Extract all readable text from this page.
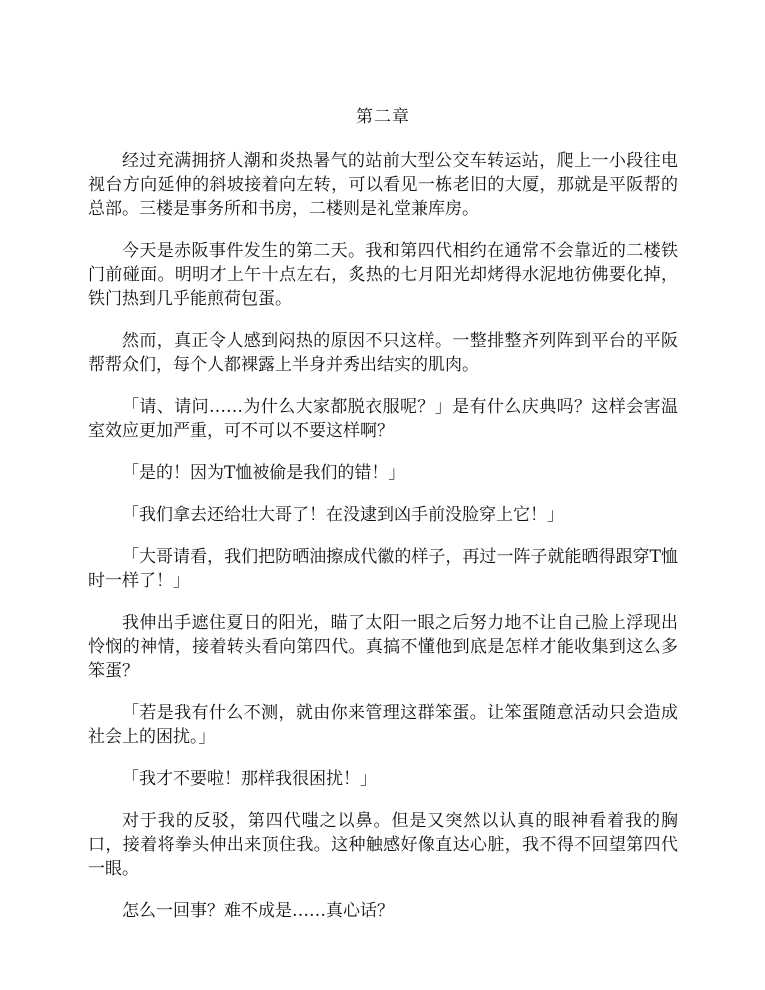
第二章

经过充满拥挤人潮和炎热暑气的站前大型公交车转运站，爬上一小段往电视台方向延伸的斜坡接着向左转，可以看见一栋老旧的大厦，那就是平阪帮的总部。三楼是事务所和书房，二楼则是礼堂兼库房。

今天是赤阪事件发生的第二天。我和第四代相约在通常不会靠近的二楼铁门前碰面。明明才上午十点左右，炙热的七月阳光却烤得水泥地彷佛要化掉，铁门热到几乎能煎荷包蛋。

然而，真正令人感到闷热的原因不只这样。一整排整齐列阵到平台的平阪帮帮众们，每个人都裸露上半身并秀出结实的肌肉。

「请、请问……为什么大家都脱衣服呢？」是有什么庆典吗？这样会害温室效应更加严重，可不可以不要这样啊？

「是的！因为T恤被偷是我们的错！」

「我们拿去还给壮大哥了！在没逮到凶手前没脸穿上它！」

「大哥请看，我们把防晒油擦成代徽的样子，再过一阵子就能晒得跟穿T恤时一样了！」

我伸出手遮住夏日的阳光，瞄了太阳一眼之后努力地不让自己脸上浮现出怜悯的神情，接着转头看向第四代。真搞不懂他到底是怎样才能收集到这么多笨蛋？

「若是我有什么不测，就由你来管理这群笨蛋。让笨蛋随意活动只会造成社会上的困扰。」

「我才不要啦！那样我很困扰！」

对于我的反驳，第四代嗤之以鼻。但是又突然以认真的眼神看着我的胸口，接着将拳头伸出来顶住我。这种触感好像直达心脏，我不得不回望第四代一眼。

怎么一回事？难不成是……真心话？
